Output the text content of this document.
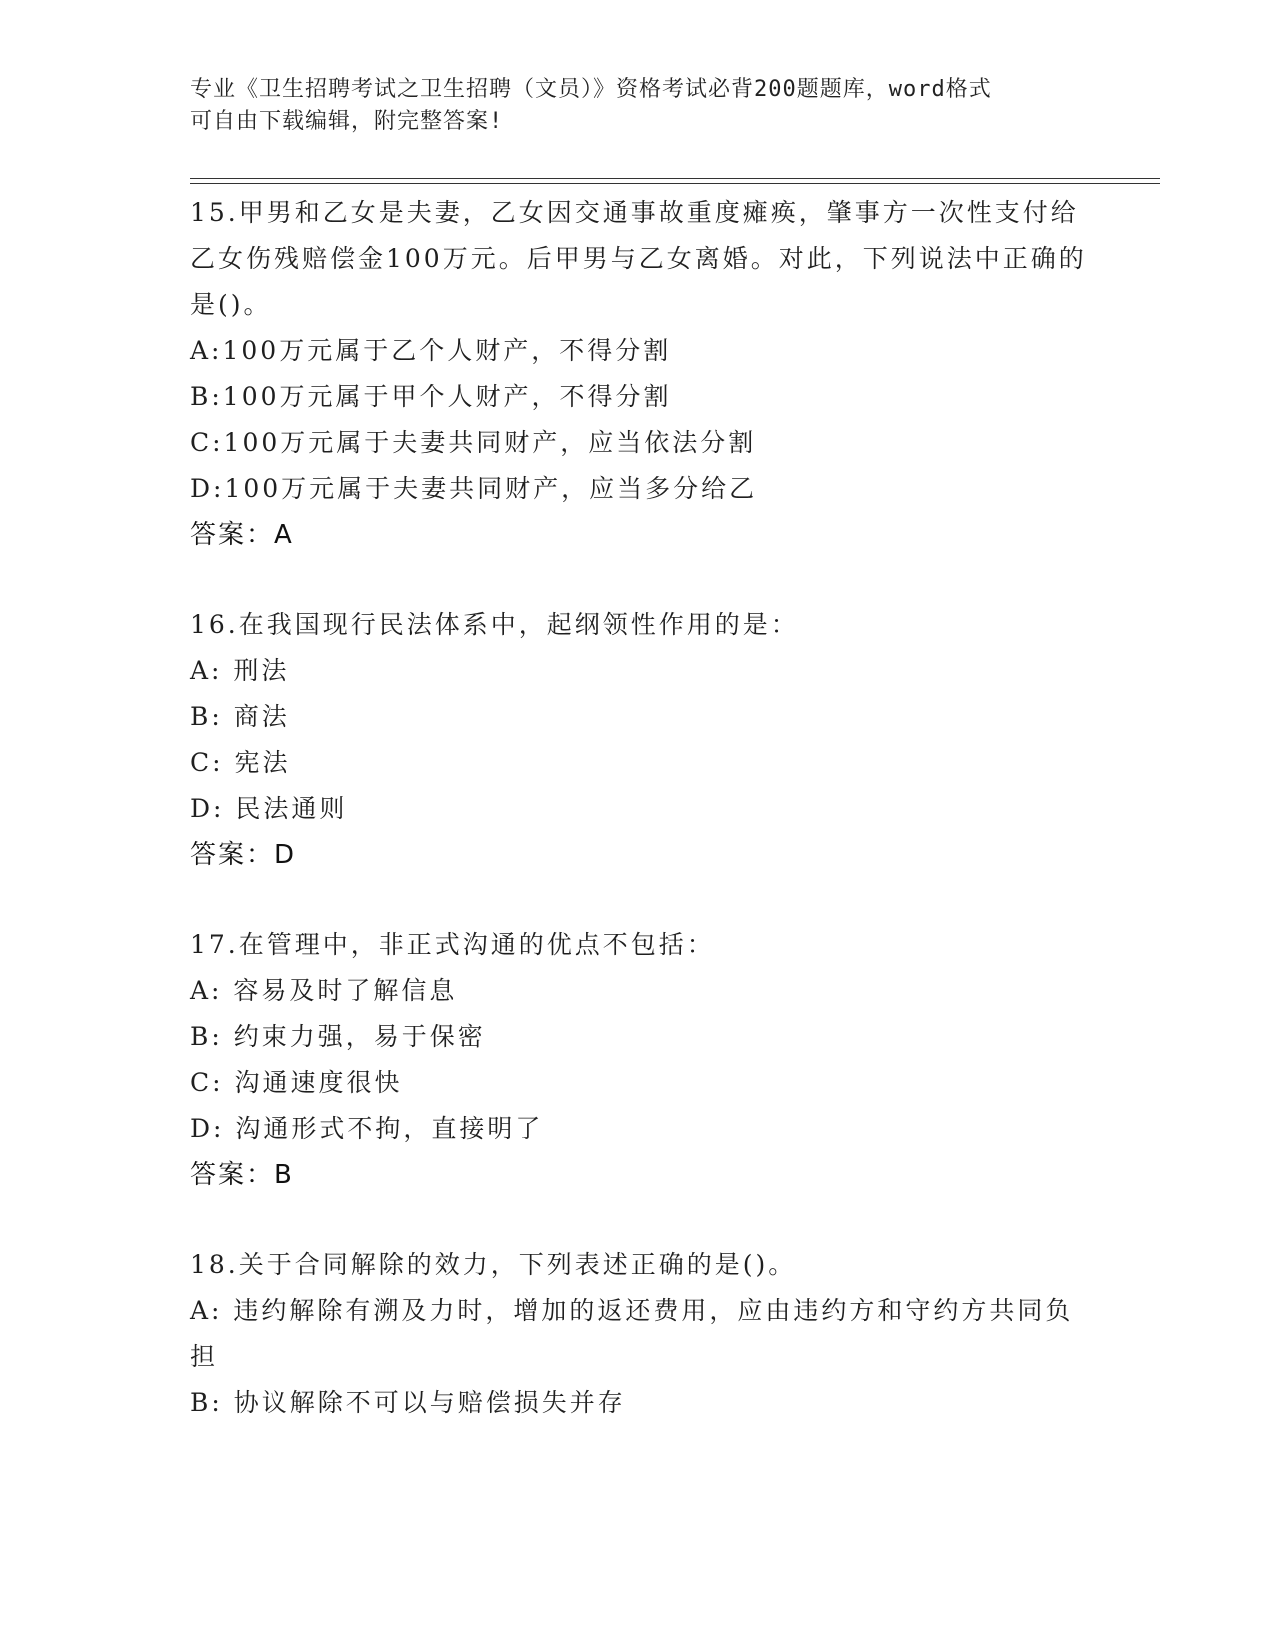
专业《卫生招聘考试之卫生招聘（文员）》资格考试必背200题题库，word格式
可自由下载编辑，附完整答案!

15.甲男和乙女是夫妻，乙女因交通事故重度瘫痪，肇事方一次性支付给乙女伤残赔偿金100万元。后甲男与乙女离婚。对此，下列说法中正确的是()。

A:100万元属于乙个人财产，不得分割

B:100万元属于甲个人财产，不得分割

C:100万元属于夫妻共同财产，应当依法分割

D:100万元属于夫妻共同财产，应当多分给乙

答案：A

16.在我国现行民法体系中，起纲领性作用的是：

A: 刑法

B: 商法

C: 宪法

D: 民法通则

答案：D

17.在管理中，非正式沟通的优点不包括：

A: 容易及时了解信息

B: 约束力强，易于保密

C: 沟通速度很快

D: 沟通形式不拘，直接明了

答案：B

18.关于合同解除的效力，下列表述正确的是()。

A: 违约解除有溯及力时，增加的返还费用，应由违约方和守约方共同负担

B: 协议解除不可以与赔偿损失并存
